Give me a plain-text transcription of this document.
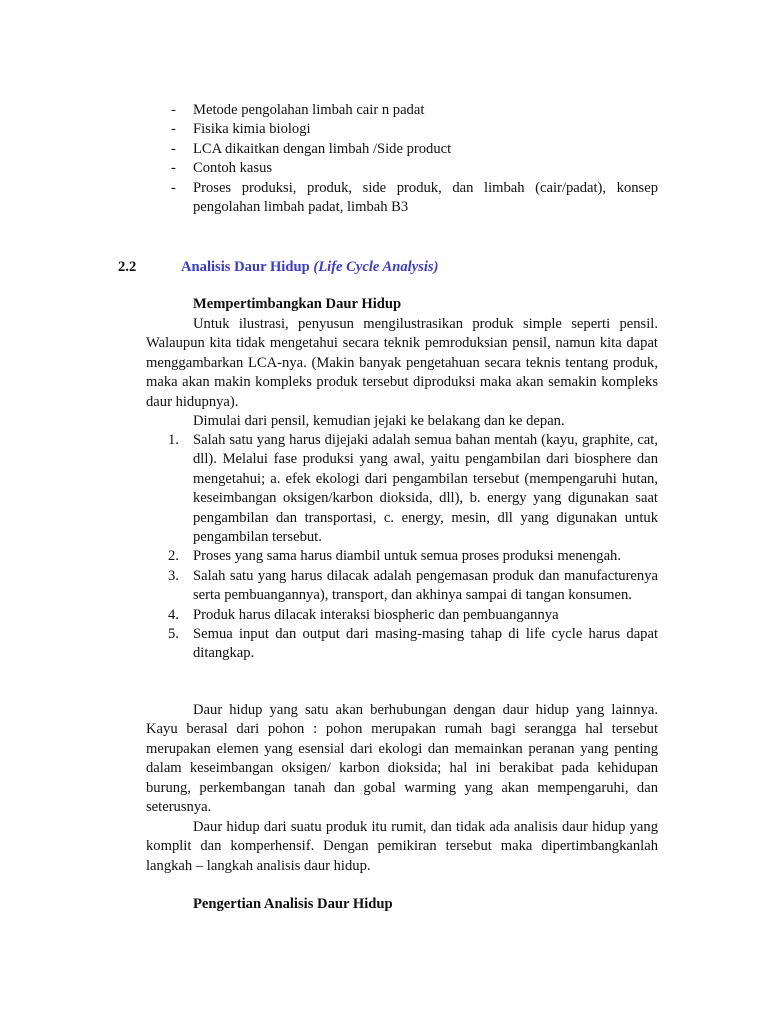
- Metode pengolahan limbah cair n padat
- Fisika kimia biologi
- LCA dikaitkan dengan limbah /Side product
- Contoh kasus
- Proses produksi, produk, side produk, dan limbah (cair/padat), konsep pengolahan limbah padat, limbah B3
2.2	Analisis Daur Hidup (Life Cycle Analysis)
Mempertimbangkan Daur Hidup

Untuk ilustrasi, penyusun mengilustrasikan produk simple seperti pensil. Walaupun kita tidak mengetahui secara teknik pemroduksian pensil, namun kita dapat menggambarkan LCA-nya. (Makin banyak pengetahuan secara teknis tentang produk, maka akan makin kompleks produk tersebut diproduksi maka akan semakin kompleks daur hidupnya).

Dimulai dari pensil, kemudian jejaki ke belakang dan ke depan.

1. Salah satu yang harus dijejaki adalah semua bahan mentah (kayu, graphite, cat, dll). Melalui fase produksi yang awal, yaitu pengambilan dari biosphere dan mengetahui; a. efek ekologi dari pengambilan tersebut (mempengaruhi hutan, keseimbangan oksigen/karbon dioksida, dll), b. energy yang digunakan saat pengambilan dan transportasi, c. energy, mesin, dll yang digunakan untuk pengambilan tersebut.
2. Proses yang sama harus diambil untuk semua proses produksi menengah.
3. Salah satu yang harus dilacak adalah pengemasan produk dan manufacturenya serta pembuangannya), transport, dan akhinya sampai di tangan konsumen.
4. Produk harus dilacak interaksi biospheric dan pembuangannya
5. Semua input dan output dari masing-masing tahap di life cycle harus dapat ditangkap.

Daur hidup yang satu akan berhubungan dengan daur hidup yang lainnya. Kayu berasal dari pohon : pohon merupakan rumah bagi serangga hal tersebut merupakan elemen yang esensial dari ekologi dan memainkan peranan yang penting dalam keseimbangan oksigen/ karbon dioksida; hal ini berakibat pada kehidupan burung, perkembangan tanah dan gobal warming yang akan mempengaruhi, dan seterusnya.

Daur hidup dari suatu produk itu rumit, dan tidak ada analisis daur hidup yang komplit dan komperhensif. Dengan pemikiran tersebut maka dipertimbangkanlah langkah – langkah analisis daur hidup.

Pengertian Analisis Daur Hidup
